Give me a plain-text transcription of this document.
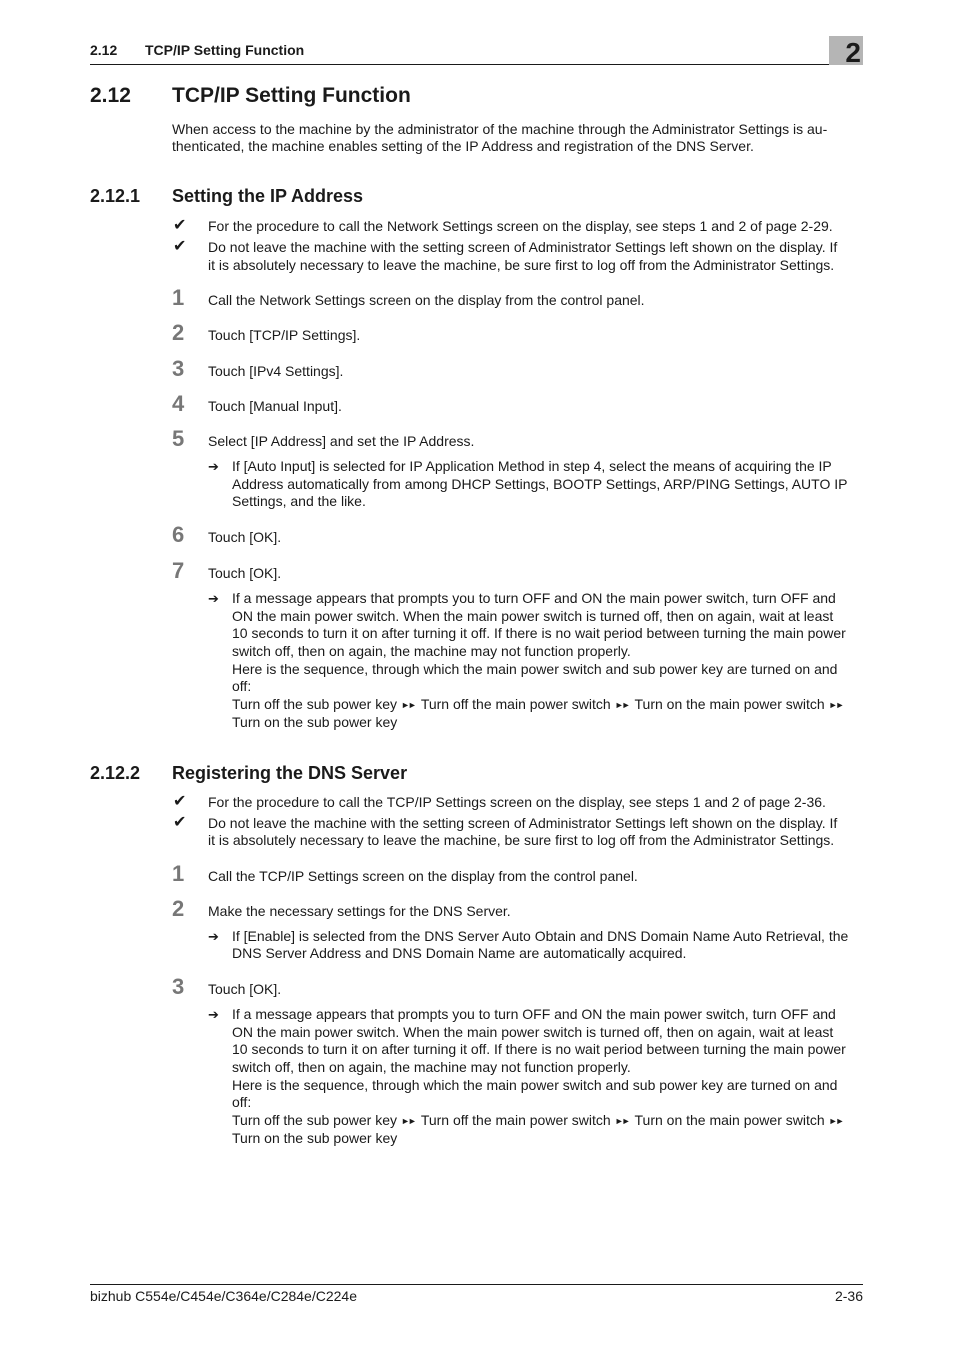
2.12 TCP/IP Setting Function	2
2.12 TCP/IP Setting Function
When access to the machine by the administrator of the machine through the Administrator Settings is au-
thenticated, the machine enables setting of the IP Address and registration of the DNS Server.
2.12.1 Setting the IP Address
✔ For the procedure to call the Network Settings screen on the display, see steps 1 and 2 of page 2-29.
✔ Do not leave the machine with the setting screen of Administrator Settings left shown on the display. If
it is absolutely necessary to leave the machine, be sure first to log off from the Administrator Settings.
1 Call the Network Settings screen on the display from the control panel.
2 Touch [TCP/IP Settings].
3 Touch [IPv4 Settings].
4 Touch [Manual Input].
5 Select [IP Address] and set the IP Address.
➔ If [Auto Input] is selected for IP Application Method in step 4, select the means of acquiring the IP
Address automatically from among DHCP Settings, BOOTP Settings, ARP/PING Settings, AUTO IP
Settings, and the like.
6 Touch [OK].
7 Touch [OK].
➔ If a message appears that prompts you to turn OFF and ON the main power switch, turn OFF and
ON the main power switch. When the main power switch is turned off, then on again, wait at least
10 seconds to turn it on after turning it off. If there is no wait period between turning the main power
switch off, then on again, the machine may not function properly.
Here is the sequence, through which the main power switch and sub power key are turned on and
off:
Turn off the sub power key ►► Turn off the main power switch ►► Turn on the main power switch ►►
Turn on the sub power key
2.12.2 Registering the DNS Server
✔ For the procedure to call the TCP/IP Settings screen on the display, see steps 1 and 2 of page 2-36.
✔ Do not leave the machine with the setting screen of Administrator Settings left shown on the display. If
it is absolutely necessary to leave the machine, be sure first to log off from the Administrator Settings.
1 Call the TCP/IP Settings screen on the display from the control panel.
2 Make the necessary settings for the DNS Server.
➔ If [Enable] is selected from the DNS Server Auto Obtain and DNS Domain Name Auto Retrieval, the
DNS Server Address and DNS Domain Name are automatically acquired.
3 Touch [OK].
➔ If a message appears that prompts you to turn OFF and ON the main power switch, turn OFF and
ON the main power switch. When the main power switch is turned off, then on again, wait at least
10 seconds to turn it on after turning it off. If there is no wait period between turning the main power
switch off, then on again, the machine may not function properly.
Here is the sequence, through which the main power switch and sub power key are turned on and
off:
Turn off the sub power key ►► Turn off the main power switch ►► Turn on the main power switch ►►
Turn on the sub power key
bizhub C554e/C454e/C364e/C284e/C224e	2-36
